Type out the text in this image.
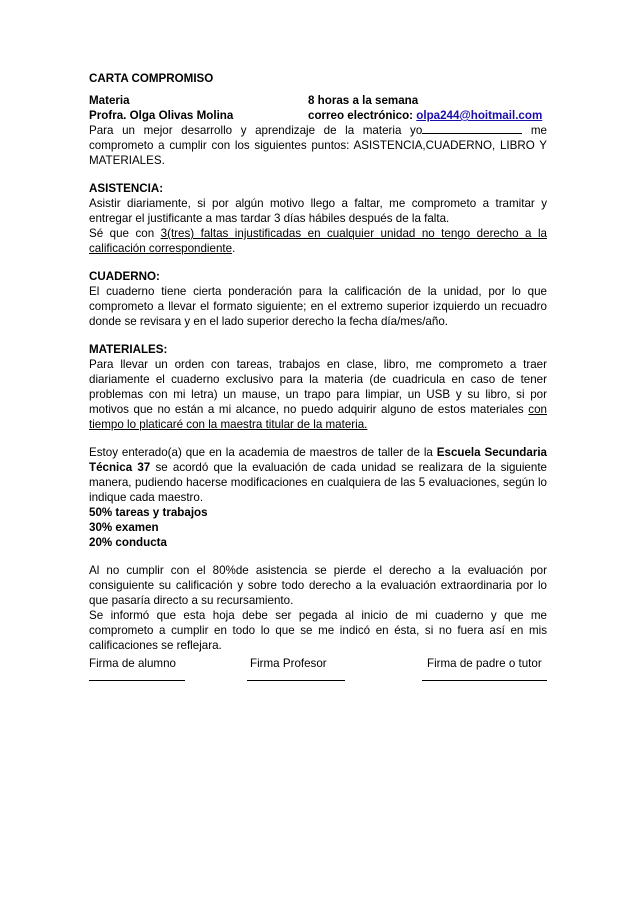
CARTA COMPROMISO

Materia	8 horas a la semana
Profra. Olga Olivas Molina	correo electrónico: olpa244@hoitmail.com

Para un mejor desarrollo y aprendizaje de la materia yo	me comprometo a cumplir con los siguientes puntos: ASISTENCIA,CUADERNO, LIBRO Y MATERIALES.

ASISTENCIA:

Asistir diariamente, si por algún motivo llego a faltar, me comprometo a tramitar y entregar el justificante a mas tardar 3 días hábiles después de la falta.

Sé que con 3(tres) faltas injustificadas en cualquier unidad no tengo derecho a la calificación correspondiente.

CUADERNO:

El cuaderno tiene cierta ponderación para la calificación de la unidad, por lo que comprometo a llevar el formato siguiente; en el extremo superior izquierdo un recuadro donde se revisara y en el lado superior derecho la fecha día/mes/año.

MATERIALES:

Para llevar un orden con tareas, trabajos en clase, libro, me comprometo a traer diariamente el cuaderno exclusivo para la materia (de cuadricula en caso de tener problemas con mi letra) un mause, un trapo para limpiar, un USB y su libro, si por motivos que no están a mi alcance, no puedo adquirir alguno de estos materiales con tiempo lo platicaré con la maestra titular de la materia.

Estoy enterado(a) que en la academia de maestros de taller de la Escuela Secundaria Técnica 37 se acordó que la evaluación de cada unidad se realizara de la siguiente manera, pudiendo hacerse modificaciones en cualquiera de las 5 evaluaciones, según lo indique cada maestro.

50% tareas y trabajos

30% examen

20% conducta

Al no cumplir con el 80%de asistencia se pierde el derecho a la evaluación por consiguiente su calificación y sobre todo derecho a la evaluación extraordinaria por lo que pasaría directo a su recursamiento.

Se informó que esta hoja debe ser pegada al inicio de mi cuaderno y que me comprometo a cumplir en todo lo que se me indicó en ésta, si no fuera así en mis calificaciones se reflejara.

Firma de alumno	Firma Profesor	Firma de padre o tutor
